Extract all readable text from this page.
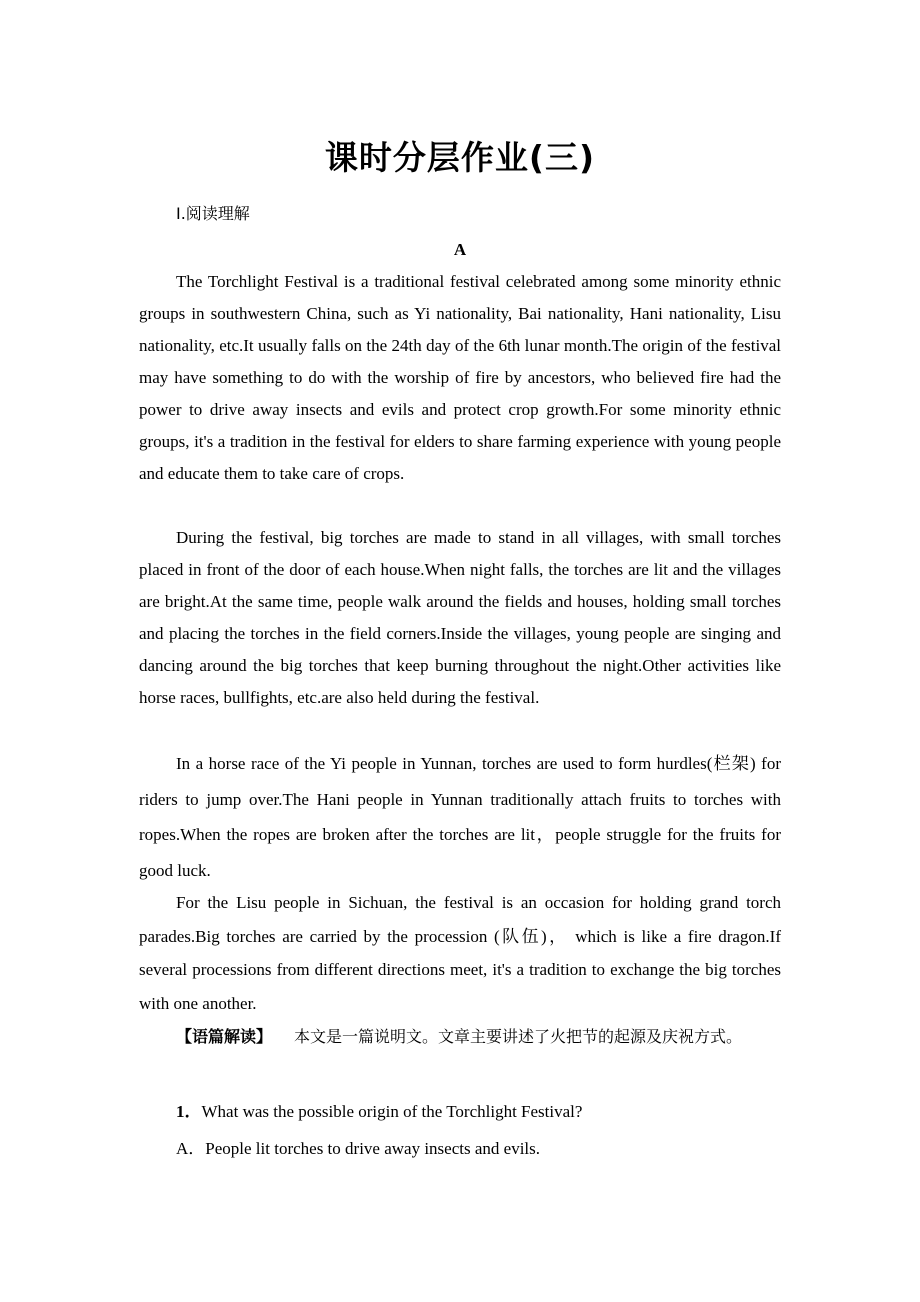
课时分层作业(三)
Ⅰ.阅读理解
A

The Torchlight Festival is a traditional festival celebrated among some minority ethnic groups in southwestern China, such as Yi nationality, Bai nationality, Hani nationality, Lisu nationality, etc.It usually falls on the 24th day of the 6th lunar month.The origin of the festival may have something to do with the worship of fire by ancestors, who believed fire had the power to drive away insects and evils and protect crop growth.For some minority ethnic groups, it's a tradition in the festival for elders to share farming experience with young people and educate them to take care of crops.

During the festival, big torches are made to stand in all villages, with small torches placed in front of the door of each house.When night falls, the torches are lit and the villages are bright.At the same time, people walk around the fields and houses, holding small torches and placing the torches in the field corners.Inside the villages, young people are singing and dancing around the big torches that keep burning throughout the night.Other activities like horse races, bullfights, etc.are also held during the festival.

In a horse race of the Yi people in Yunnan, torches are used to form hurdles(栏架) for riders to jump over.The Hani people in Yunnan traditionally attach fruits to torches with ropes.When the ropes are broken after the torches are lit，people struggle for the fruits for good luck.

For the Lisu people in Sichuan, the festival is an occasion for holding grand torch parades.Big torches are carried by the procession (队伍)， which is like a fire dragon.If several processions from different directions meet, it's a tradition to exchange the big torches with one another.

【语篇解读】 本文是一篇说明文。文章主要讲述了火把节的起源及庆祝方式。

1．What was the possible origin of the Torchlight Festival?
A．People lit torches to drive away insects and evils.
